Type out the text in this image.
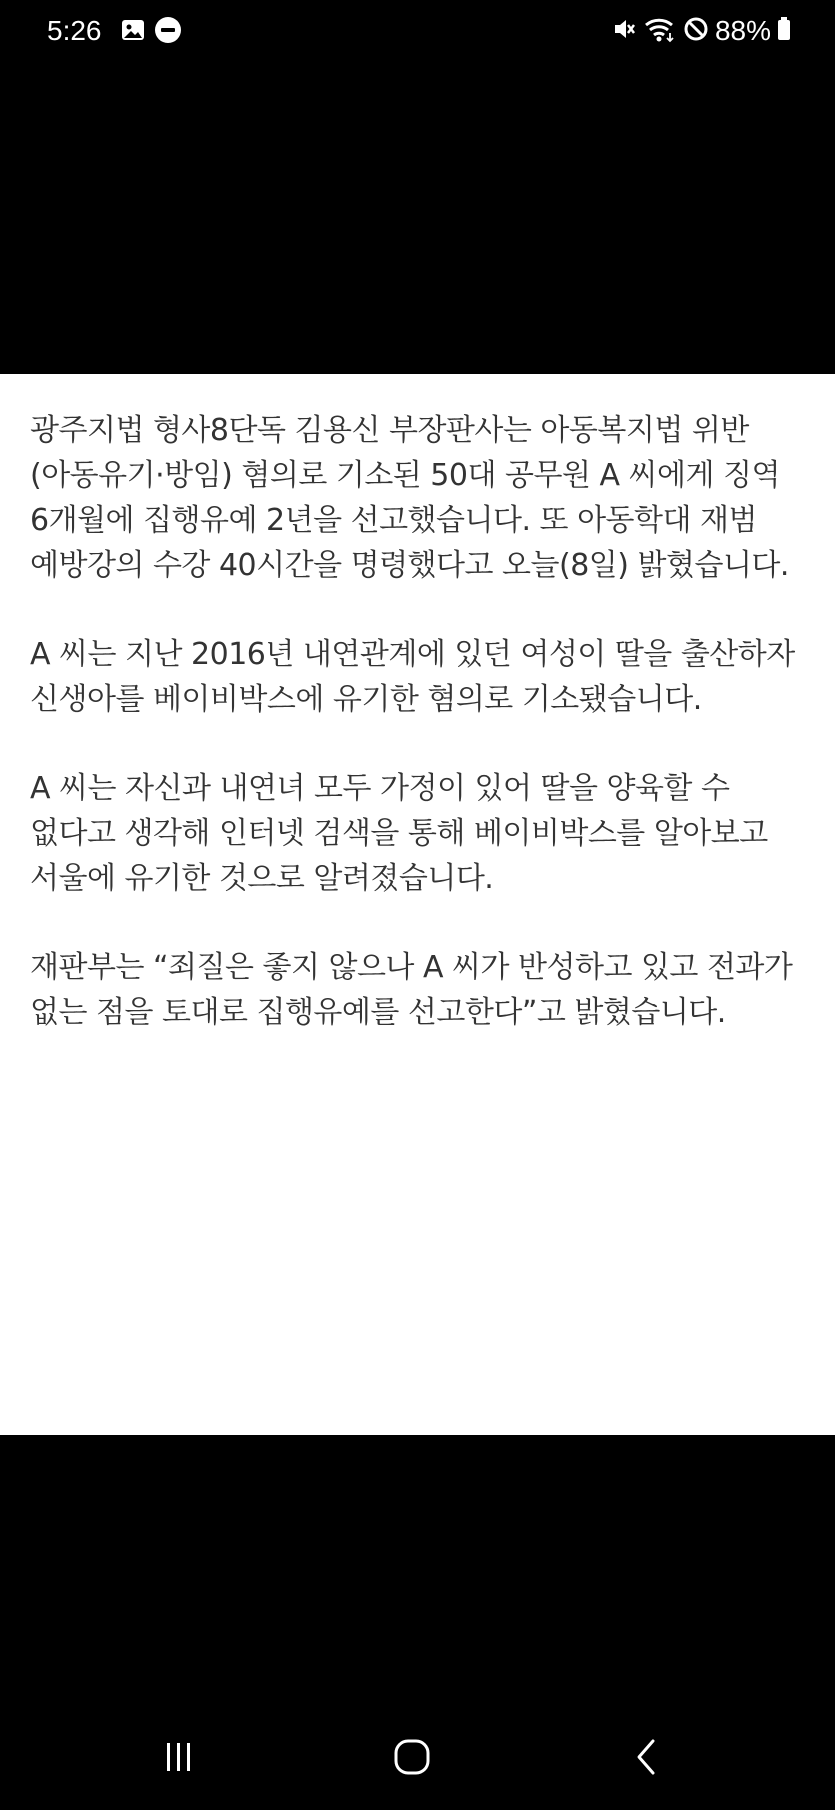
5:26	88%

광주지법 형사8단독 김용신 부장판사는 아동복지법 위반(아동유기·방임) 혐의로 기소된 50대 공무원 A 씨에게 징역 6개월에 집행유예 2년을 선고했습니다. 또 아동학대 재범 예방강의 수강 40시간을 명령했다고 오늘(8일) 밝혔습니다.

A 씨는 지난 2016년 내연관계에 있던 여성이 딸을 출산하자 신생아를 베이비박스에 유기한 혐의로 기소됐습니다.

A 씨는 자신과 내연녀 모두 가정이 있어 딸을 양육할 수 없다고 생각해 인터넷 검색을 통해 베이비박스를 알아보고 서울에 유기한 것으로 알려졌습니다.

재판부는 “죄질은 좋지 않으나 A 씨가 반성하고 있고 전과가 없는 점을 토대로 집행유예를 선고한다”고 밝혔습니다.
